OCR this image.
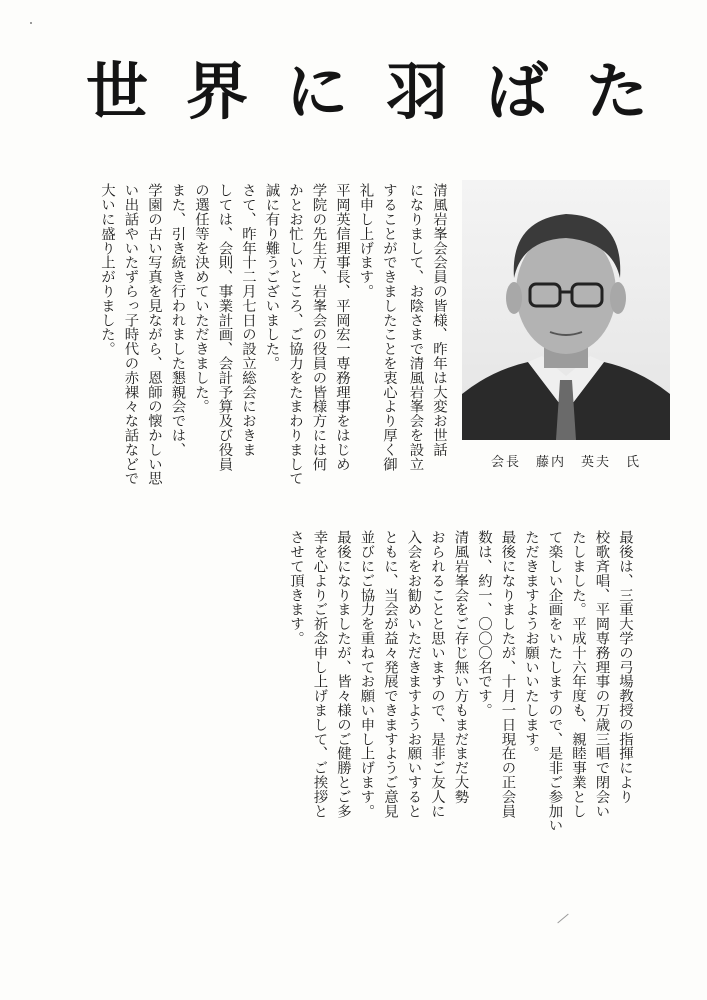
世界に羽ばた
会長　藤内　英夫　氏
清風岩峯会会員の皆様、昨年は大変お世話
になりまして、お陰さまで清風岩峯会を設立
することができましたことを衷心より厚く御
礼申し上げます。
平岡英信理事長、平岡宏一専務理事をはじめ
学院の先生方、岩峯会の役員の皆様方には何
かとお忙しいところ、ご協力をたまわりまして
誠に有り難うございました。
さて、昨年十二月七日の設立総会におきま
しては、会則、事業計画、会計予算及び役員
の選任等を決めていただきました。
また、引き続き行われました懇親会では、
学園の古い写真を見ながら、恩師の懐かしい思
い出話やいたずらっ子時代の赤裸々な話などで
大いに盛り上がりました。
最後は、三重大学の弓場教授の指揮により
校歌斉唱、平岡専務理事の万歳三唱で閉会い
たしました。平成十六年度も、親睦事業とし
て楽しい企画をいたしますので、是非ご参加い
ただきますようお願いいたします。
最後になりましたが、十月一日現在の正会員
数は、約一、〇〇〇名です。
清風岩峯会をご存じ無い方もまだまだ大勢
おられることと思いますので、是非ご友人に
入会をお勧めいただきますようお願いすると
ともに、当会が益々発展できますようご意見
並びにご協力を重ねてお願い申し上げます。
最後になりましたが、皆々様のご健勝とご多
幸を心よりご祈念申し上げまして、ご挨拶と
させて頂きます。
